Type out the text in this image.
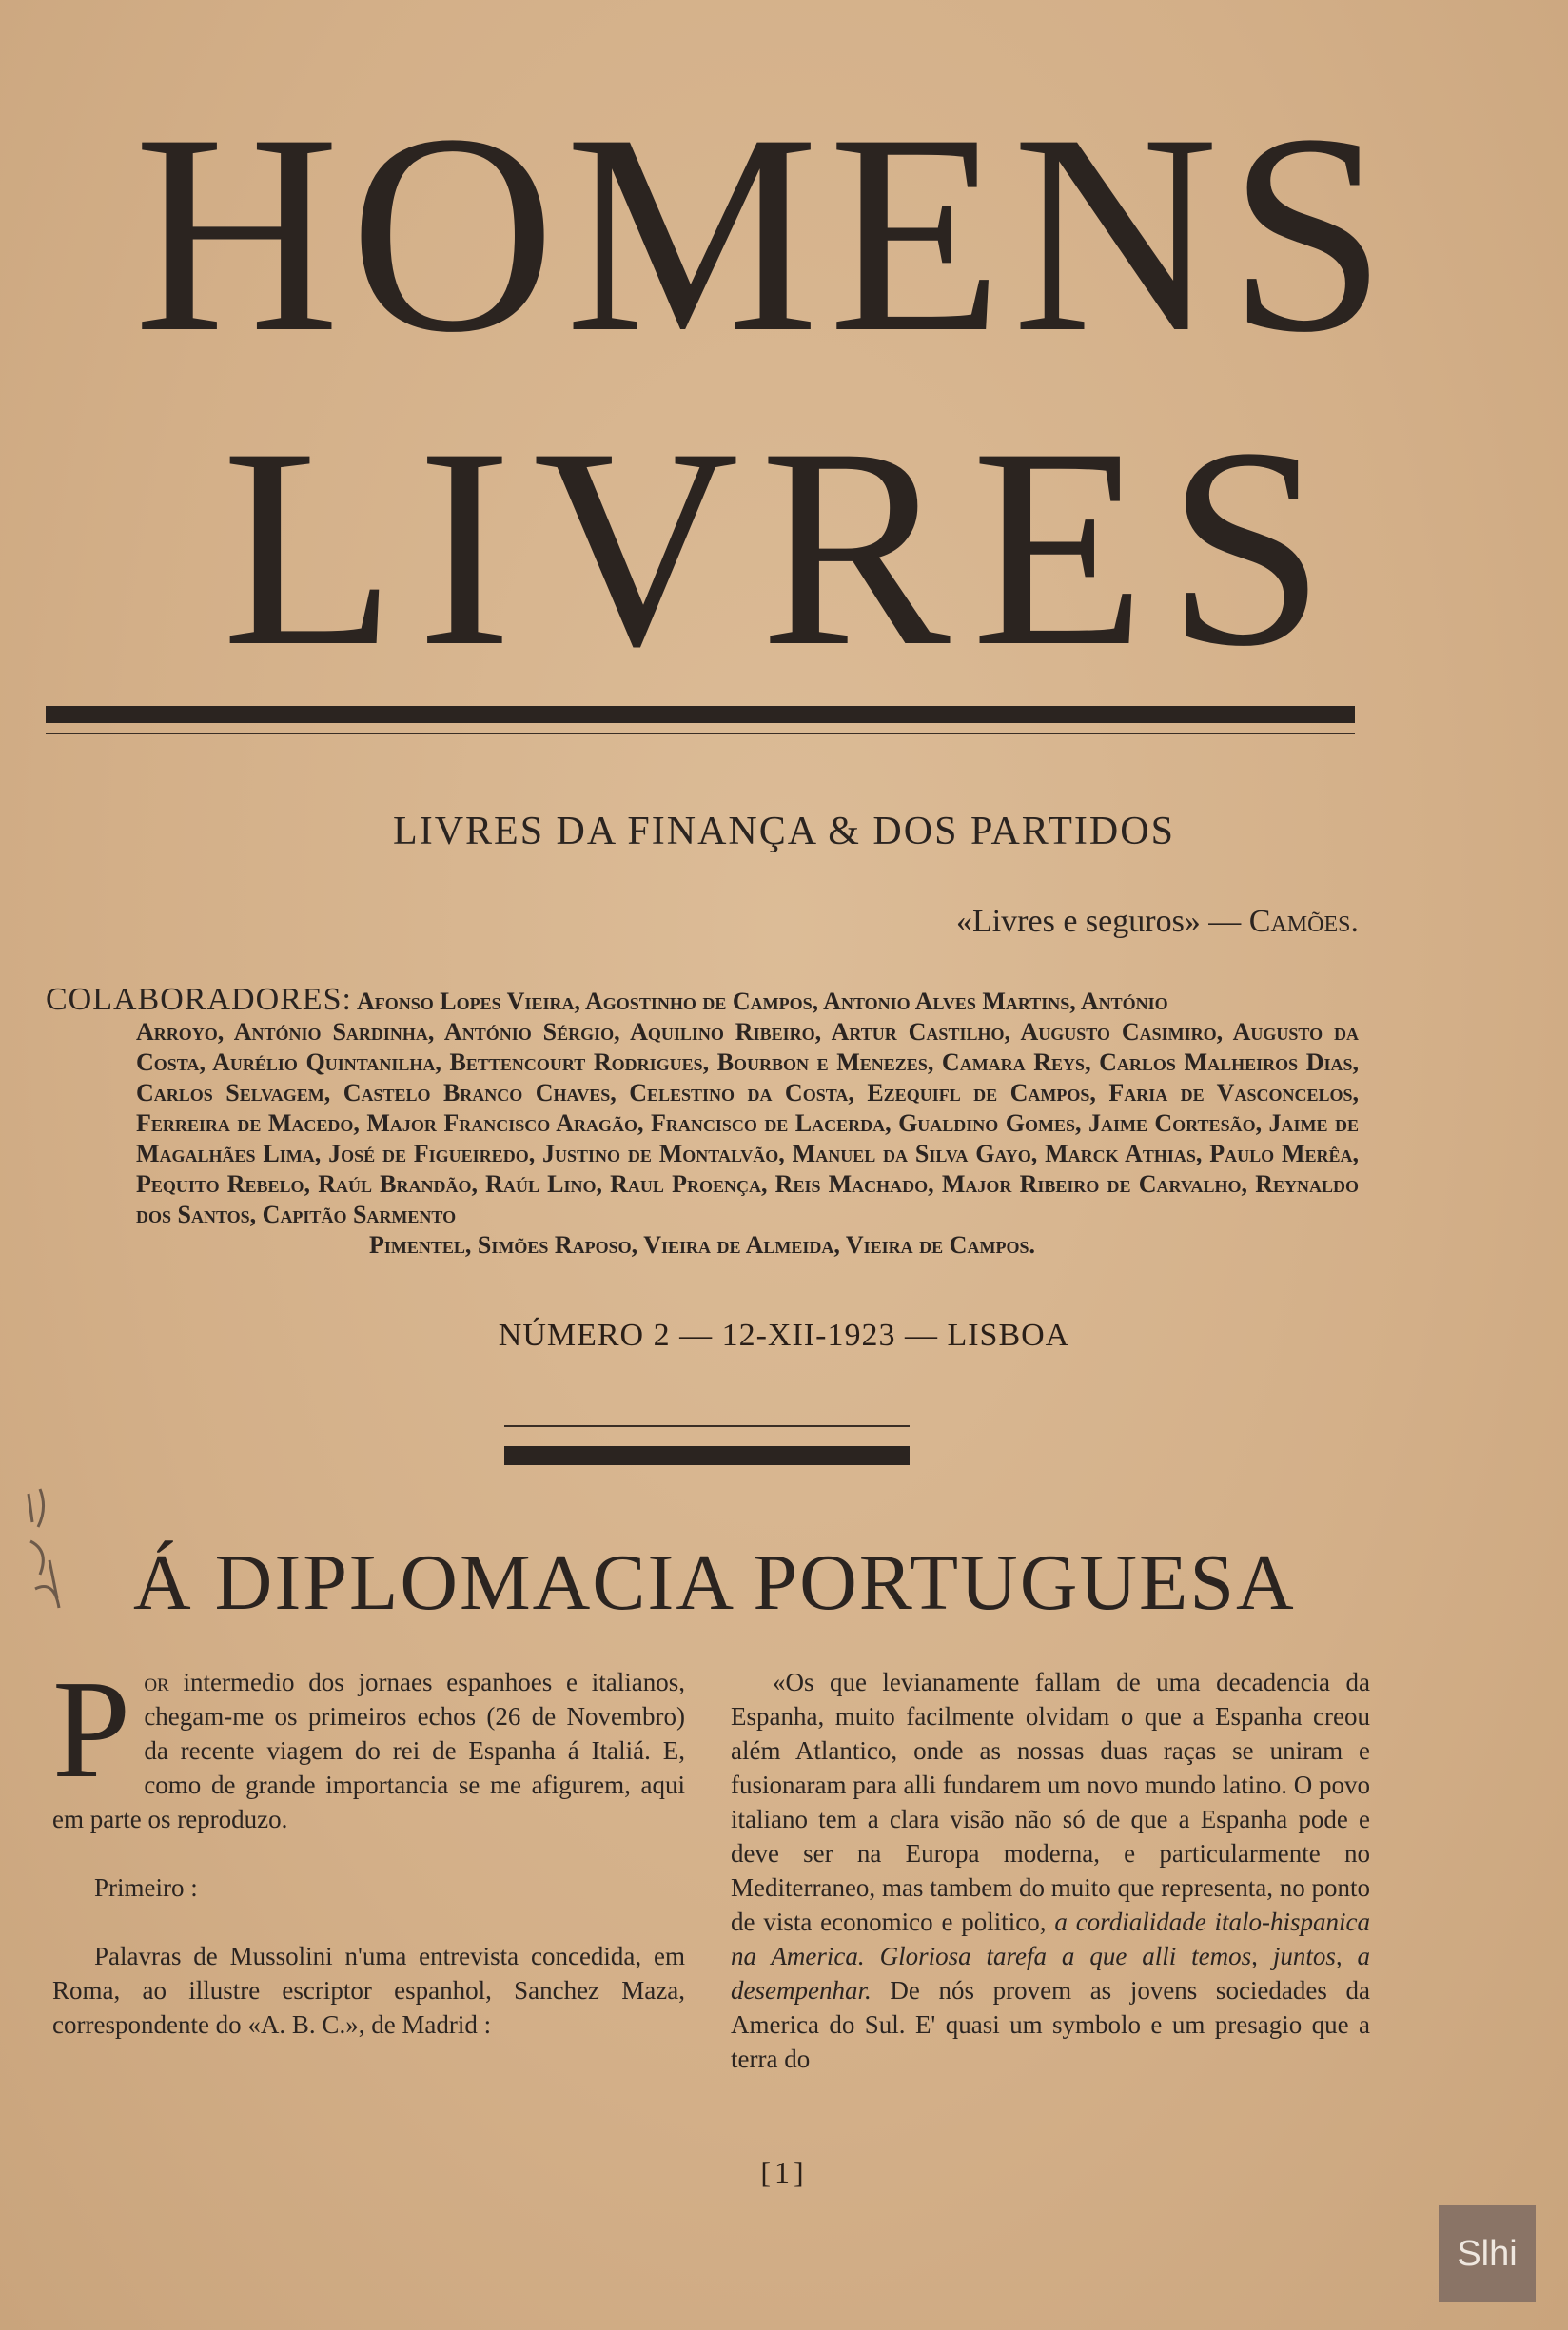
HOMENS
LIVRES
LIVRES DA FINANÇA & DOS PARTIDOS
«Livres e seguros» — Camões.
COLABORADORES: Afonso Lopes Vieira, Agostinho de Campos, Antonio Alves Martins, António
Arroyo, António Sardinha, António Sérgio, Aquilino Ribeiro, Artur Castilho, Augusto Casimiro, Augusto da Costa, Aurélio Quintanilha, Bettencourt Rodrigues, Bourbon e Menezes, Camara Reys, Carlos Malheiros Dias, Carlos Selvagem, Castelo Branco Chaves, Celestino da Costa, Ezequifl de Campos, Faria de Vasconcelos, Ferreira de Macedo, Major Francisco Aragão, Francisco de Lacerda, Gualdino Gomes, Jaime Cortesão, Jaime de Magalhães Lima, José de Figueiredo, Justino de Montalvão, Manuel da Silva Gayo, Marck Athias, Paulo Merêa, Pequito Rebelo, Raúl Brandão, Raúl Lino, Raul Proença, Reis Machado, Major Ribeiro de Carvalho, Reynaldo dos Santos, Capitão Sarmento
Pimentel, Simões Raposo, Vieira de Almeida, Vieira de Campos.
NÚMERO 2 — 12-XII-1923 — LISBOA
Á DIPLOMACIA PORTUGUESA

Por intermedio dos jornaes espanhoes e italianos, chegam-me os primeiros echos (26 de Novembro) da recente viagem do rei de Espanha á Italiá. E, como de grande importancia se me afigurem, aqui em parte os reproduzo.

Primeiro :

Palavras de Mussolini n'uma entrevista concedida, em Roma, ao illustre escriptor espanhol, Sanchez Maza, correspondente do «A. B. C.», de Madrid :

«Os que levianamente fallam de uma decadencia da Espanha, muito facilmente olvidam o que a Espanha creou além Atlantico, onde as nossas duas raças se uniram e fusionaram para alli fundarem um novo mundo latino. O povo italiano tem a clara visão não só de que a Espanha pode e deve ser na Europa moderna, e particularmente no Mediterraneo, mas tambem do muito que representa, no ponto de vista economico e politico, a cordialidade italo-hispanica na America. Gloriosa tarefa a que alli temos, juntos, a desempenhar. De nós provem as jovens sociedades da America do Sul. E' quasi um symbolo e um presagio que a terra do

[1]
Slhi
